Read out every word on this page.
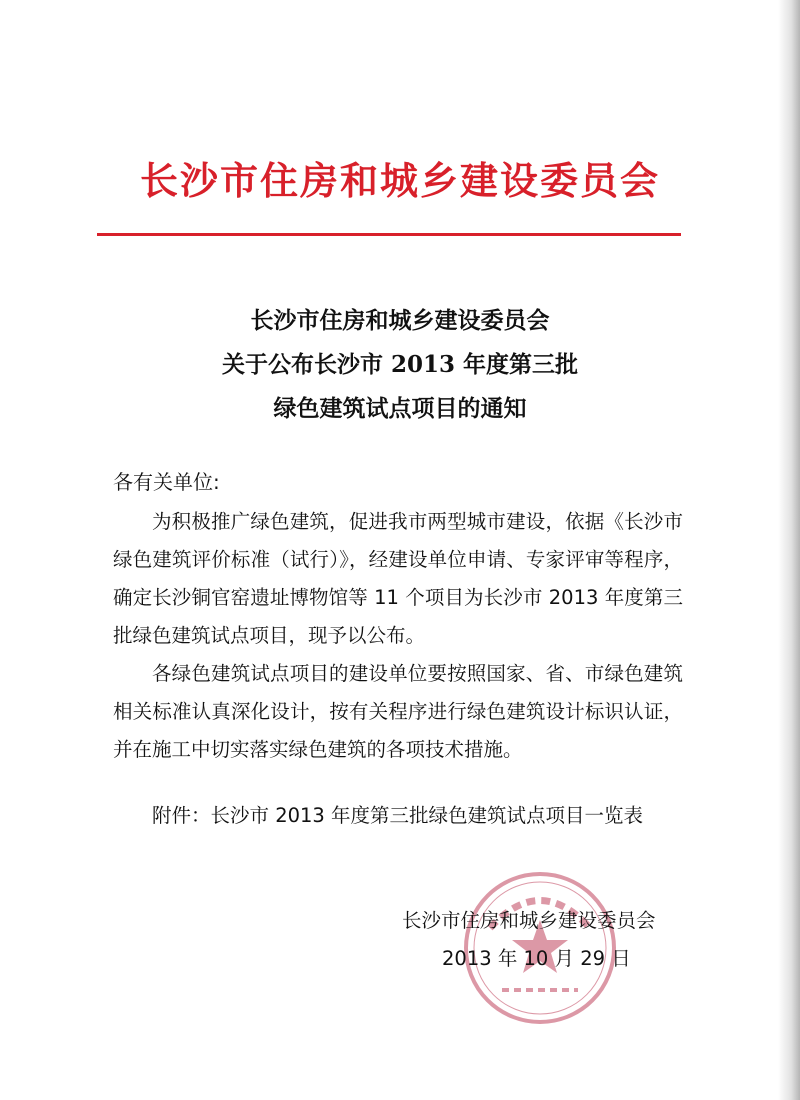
长沙市住房和城乡建设委员会
长沙市住房和城乡建设委员会
关于公布长沙市 2013 年度第三批
绿色建筑试点项目的通知
各有关单位:

为积极推广绿色建筑，促进我市两型城市建设，依据《长沙市绿色建筑评价标准（试行）》，经建设单位申请、专家评审等程序，确定长沙铜官窑遗址博物馆等 11 个项目为长沙市 2013 年度第三批绿色建筑试点项目，现予以公布。

各绿色建筑试点项目的建设单位要按照国家、省、市绿色建筑相关标准认真深化设计，按有关程序进行绿色建筑设计标识认证，并在施工中切实落实绿色建筑的各项技术措施。

附件：长沙市 2013 年度第三批绿色建筑试点项目一览表
长沙市住房和城乡建设委员会
2013 年 10 月 29 日
